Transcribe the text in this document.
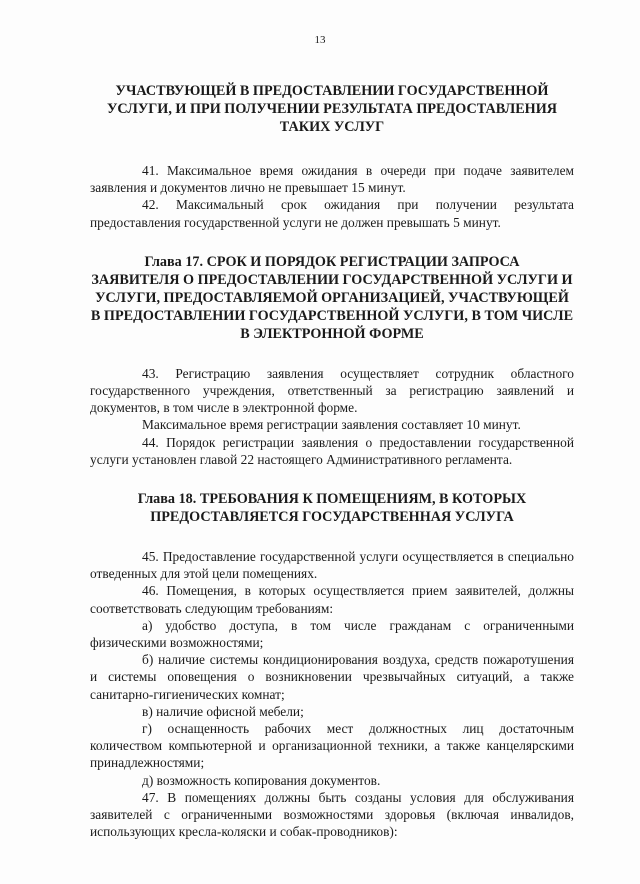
13
УЧАСТВУЮЩЕЙ В ПРЕДОСТАВЛЕНИИ ГОСУДАРСТВЕННОЙ
УСЛУГИ, И ПРИ ПОЛУЧЕНИИ РЕЗУЛЬТАТА ПРЕДОСТАВЛЕНИЯ
ТАКИХ УСЛУГ

41. Максимальное время ожидания в очереди при подаче заявителем заявления и документов лично не превышает 15 минут.

42. Максимальный срок ожидания при получении результата предоставления государственной услуги не должен превышать 5 минут.

Глава 17. СРОК И ПОРЯДОК РЕГИСТРАЦИИ ЗАПРОСА
ЗАЯВИТЕЛЯ О ПРЕДОСТАВЛЕНИИ ГОСУДАРСТВЕННОЙ УСЛУГИ И
УСЛУГИ, ПРЕДОСТАВЛЯЕМОЙ ОРГАНИЗАЦИЕЙ, УЧАСТВУЮЩЕЙ
В ПРЕДОСТАВЛЕНИИ ГОСУДАРСТВЕННОЙ УСЛУГИ, В ТОМ ЧИСЛЕ
В ЭЛЕКТРОННОЙ ФОРМЕ

43. Регистрацию заявления осуществляет сотрудник областного государственного учреждения, ответственный за регистрацию заявлений и документов, в том числе в электронной форме.

Максимальное время регистрации заявления составляет 10 минут.

44. Порядок регистрации заявления о предоставлении государственной услуги установлен главой 22 настоящего Административного регламента.

Глава 18. ТРЕБОВАНИЯ К ПОМЕЩЕНИЯМ, В КОТОРЫХ
ПРЕДОСТАВЛЯЕТСЯ ГОСУДАРСТВЕННАЯ УСЛУГА

45. Предоставление государственной услуги осуществляется в специально отведенных для этой цели помещениях.

46. Помещения, в которых осуществляется прием заявителей, должны соответствовать следующим требованиям:

а) удобство доступа, в том числе гражданам с ограниченными физическими возможностями;

б) наличие системы кондиционирования воздуха, средств пожаротушения и системы оповещения о возникновении чрезвычайных ситуаций, а также санитарно-гигиенических комнат;

в) наличие офисной мебели;

г) оснащенность рабочих мест должностных лиц достаточным количеством компьютерной и организационной техники, а также канцелярскими принадлежностями;

д) возможность копирования документов.

47. В помещениях должны быть созданы условия для обслуживания заявителей с ограниченными возможностями здоровья (включая инвалидов, использующих кресла-коляски и собак-проводников):
